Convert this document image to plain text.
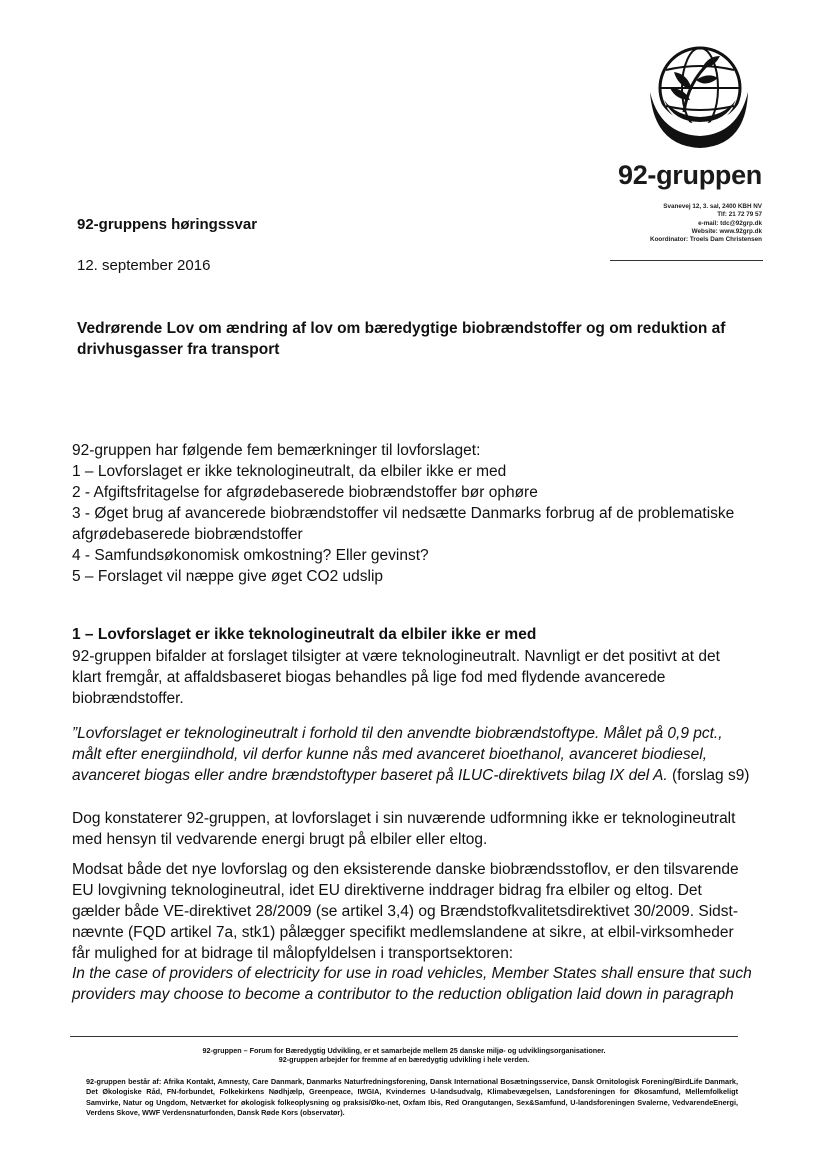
92-gruppen
Svanevej 12, 3. sal, 2400 KBH NV
Tlf: 21 72 79 57
e-mail: tdc@92grp.dk
Website: www.92grp.dk
Koordinator: Troels Dam Christensen
92-gruppens høringssvar
12. september 2016
Vedrørende Lov om ændring af lov om bæredygtige biobrændstoffer og om reduktion af drivhusgasser fra transport
92-gruppen har følgende fem bemærkninger til lovforslaget:
1 – Lovforslaget er ikke teknologineutralt, da elbiler ikke er med
2 - Afgiftsfritagelse for afgrødebaserede biobrændstoffer bør ophøre
3 - Øget brug af avancerede biobrændstoffer vil nedsætte Danmarks forbrug af de problematiske afgrødebaserede biobrændstoffer
4 - Samfundsøkonomisk omkostning? Eller gevinst?
5 – Forslaget vil næppe give øget CO2 udslip
1 – Lovforslaget er ikke teknologineutralt da elbiler ikke er med
92-gruppen bifalder at forslaget tilsigter at være teknologineutralt. Navnligt er det positivt at det klart fremgår, at affaldsbaseret biogas behandles på lige fod med flydende avancerede biobrændstoffer.
”Lovforslaget er teknologineutralt i forhold til den anvendte biobrændstoftype. Målet på 0,9 pct., målt efter energiindhold, vil derfor kunne nås med avanceret bioethanol, avanceret biodiesel, avanceret biogas eller andre brændstoftyper baseret på ILUC-direktivets bilag IX del A. (forslag s9)
Dog konstaterer 92-gruppen, at lovforslaget i sin nuværende udformning ikke er teknologineutralt med hensyn til vedvarende energi brugt på elbiler eller eltog.
Modsat både det nye lovforslag og den eksisterende danske biobrændsstoflov, er den tilsvarende EU lovgivning teknologineutral, idet EU direktiverne inddrager bidrag fra elbiler og eltog. Det gælder både VE-direktivet 28/2009 (se artikel 3,4) og Brændstofkvalitetsdirektivet 30/2009. Sidst-nævnte (FQD artikel 7a, stk1) pålægger specifikt medlemslandene at sikre, at elbil-virksomheder får mulighed for at bidrage til målopfyldelsen i transportsektoren:
In the case of providers of electricity for use in road vehicles, Member States shall ensure that such providers may choose to become a contributor to the reduction obligation laid down in paragraph
92-gruppen – Forum for Bæredygtig Udvikling, er et samarbejde mellem 25 danske miljø- og udviklingsorganisationer.
92-gruppen arbejder for fremme af en bæredygtig udvikling i hele verden.
92-gruppen består af: Afrika Kontakt, Amnesty, Care Danmark, Danmarks Naturfredningsforening, Dansk International Bosætningsservice, Dansk Ornitologisk Forening/BirdLife Danmark, Det Økologiske Råd, FN-forbundet, Folkekirkens Nødhjælp, Greenpeace, IWGIA, Kvindernes U-landsudvalg, Klimabevægelsen, Landsforeningen for Økosamfund, Mellemfolkeligt Samvirke, Natur og Ungdom, Netværket for økologisk folkeoplysning og praksis/Øko-net, Oxfam Ibis, Red Orangutangen, Sex&Samfund, U-landsforeningen Svalerne, VedvarendeEnergi, Verdens Skove, WWF Verdensnaturfonden, Dansk Røde Kors (observatør).
